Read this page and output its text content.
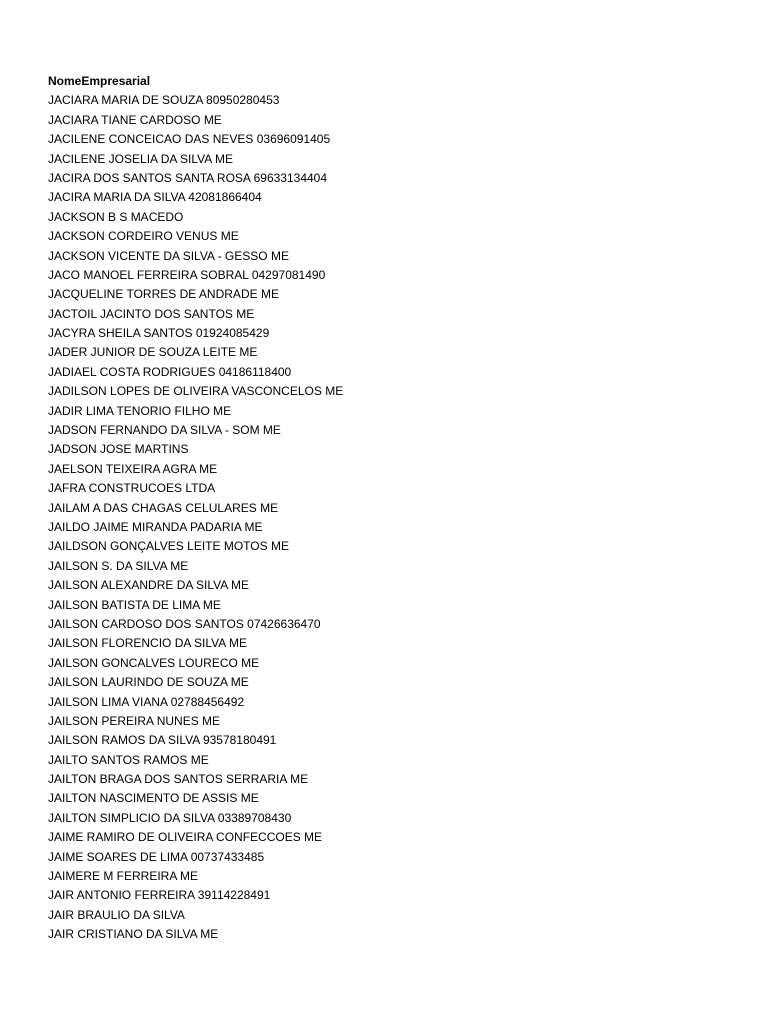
NomeEmpresarial
JACIARA MARIA DE SOUZA 80950280453
JACIARA TIANE CARDOSO ME
JACILENE CONCEICAO DAS NEVES 03696091405
JACILENE JOSELIA DA SILVA ME
JACIRA DOS SANTOS SANTA ROSA 69633134404
JACIRA MARIA DA SILVA 42081866404
JACKSON B S MACEDO
JACKSON CORDEIRO VENUS ME
JACKSON VICENTE DA SILVA - GESSO ME
JACO MANOEL FERREIRA SOBRAL 04297081490
JACQUELINE TORRES DE ANDRADE ME
JACTOIL JACINTO DOS SANTOS ME
JACYRA SHEILA SANTOS 01924085429
JADER JUNIOR DE SOUZA LEITE ME
JADIAEL COSTA RODRIGUES 04186118400
JADILSON LOPES DE OLIVEIRA VASCONCELOS ME
JADIR LIMA TENORIO FILHO ME
JADSON FERNANDO DA SILVA - SOM ME
JADSON JOSE MARTINS
JAELSON TEIXEIRA AGRA ME
JAFRA CONSTRUCOES LTDA
JAILAM A DAS CHAGAS CELULARES ME
JAILDO JAIME MIRANDA PADARIA ME
JAILDSON GONÇALVES LEITE MOTOS ME
JAILSON S. DA SILVA ME
JAILSON ALEXANDRE DA SILVA ME
JAILSON BATISTA DE LIMA ME
JAILSON CARDOSO DOS SANTOS 07426636470
JAILSON FLORENCIO DA SILVA ME
JAILSON GONCALVES LOURECO ME
JAILSON LAURINDO DE SOUZA ME
JAILSON LIMA VIANA 02788456492
JAILSON PEREIRA NUNES ME
JAILSON RAMOS DA SILVA 93578180491
JAILTO SANTOS RAMOS ME
JAILTON BRAGA DOS SANTOS SERRARIA ME
JAILTON NASCIMENTO DE ASSIS ME
JAILTON SIMPLICIO DA SILVA 03389708430
JAIME RAMIRO DE OLIVEIRA CONFECCOES ME
JAIME SOARES DE LIMA 00737433485
JAIMERE M FERREIRA ME
JAIR ANTONIO FERREIRA 39114228491
JAIR BRAULIO DA SILVA
JAIR CRISTIANO DA SILVA ME
